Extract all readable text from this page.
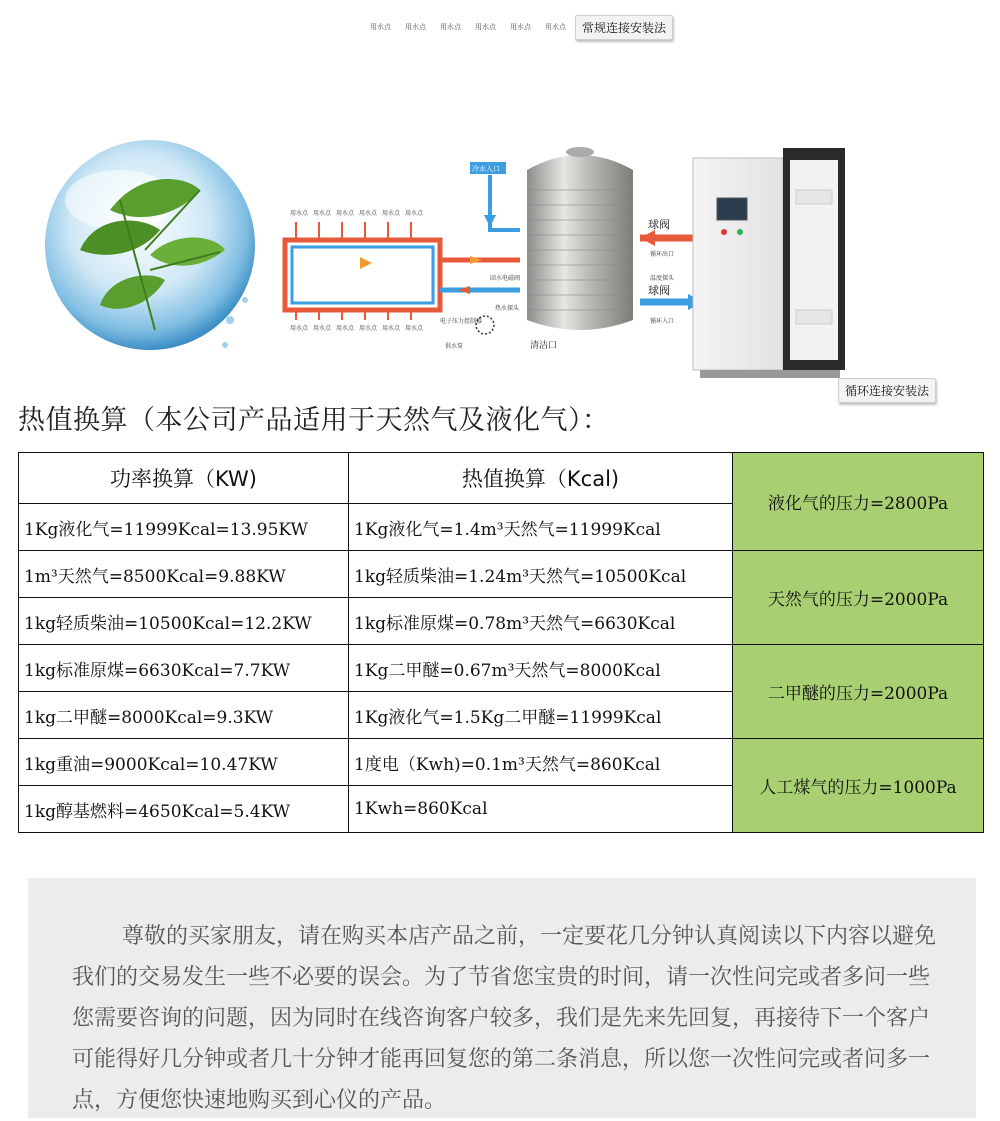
用水点 用水点 用水点 用水点 用水点 用水点	常规连接安装法
用水点 用水点 用水点 用水点 用水点 用水点
用水点 用水点 用水点 用水点 用水点 用水点
冷水入口
回水电磁阀
热水探头
电子压力控制器
供水泵	清洁口
球阀
循环出口
温度探头
球阀
循环入口
循环连接安装法
热值换算（本公司产品适用于天然气及液化气）：
功率换算（KW)	热值换算（Kcal)	液化气的压力=2800Pa
1Kg液化气=11999Kcal=13.95KW	1Kg液化气=1.4m³天然气=11999Kcal	
1m³天然气=8500Kcal=9.88KW	1kg轻质柴油=1.24m³天然气=10500Kcal	天然气的压力=2000Pa
1kg轻质柴油=10500Kcal=12.2KW	1kg标准原煤=0.78m³天然气=6630Kcal	
1kg标准原煤=6630Kcal=7.7KW	1Kg二甲醚=0.67m³天然气=8000Kcal	二甲醚的压力=2000Pa
1kg二甲醚=8000Kcal=9.3KW	1Kg液化气=1.5Kg二甲醚=11999Kcal	
1kg重油=9000Kcal=10.47KW	1度电（Kwh)=0.1m³天然气=860Kcal	人工煤气的压力=1000Pa
1kg醇基燃料=4650Kcal=5.4KW	1Kwh=860Kcal	

尊敬的买家朋友，请在购买本店产品之前，一定要花几分钟认真阅读以下内容以避免我们的交易发生一些不必要的误会。为了节省您宝贵的时间，请一次性问完或者多问一些您需要咨询的问题，因为同时在线咨询客户较多，我们是先来先回复，再接待下一个客户可能得好几分钟或者几十分钟才能再回复您的第二条消息，所以您一次性问完或者问多一点，方便您快速地购买到心仪的产品。
